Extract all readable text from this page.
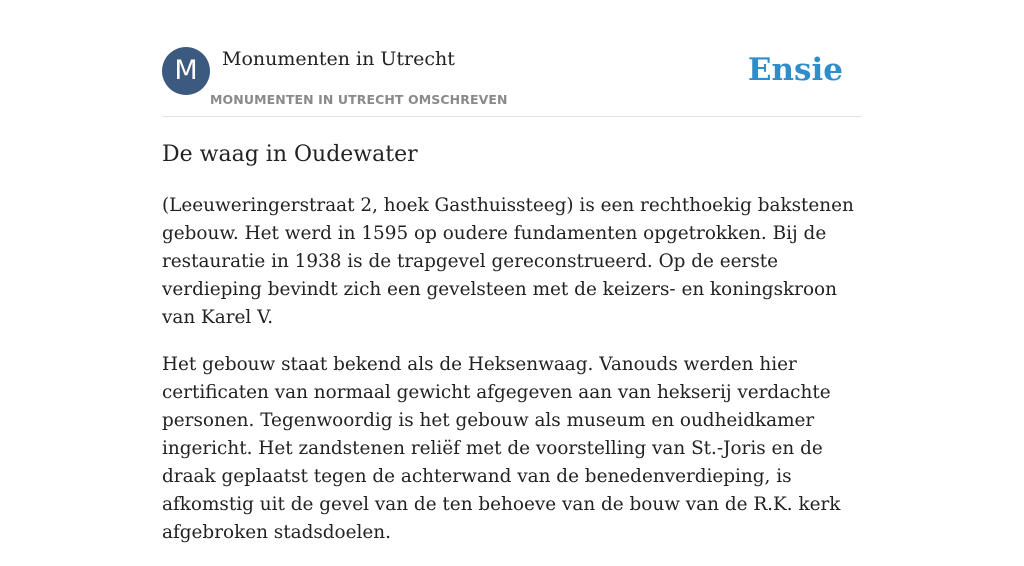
M	Monumenten in Utrecht
MONUMENTEN IN UTRECHT OMSCHREVEN
Ensie
De waag in Oudewater

(Leeuweringerstraat 2, hoek Gasthuissteeg) is een rechthoekig bakstenen gebouw. Het werd in 1595 op oudere fundamenten opgetrokken. Bij de restauratie in 1938 is de trapgevel gereconstrueerd. Op de eerste verdieping bevindt zich een gevelsteen met de keizers- en koningskroon van Karel V.

Het gebouw staat bekend als de Heksenwaag. Vanouds werden hier certificaten van normaal gewicht afgegeven aan van hekserij verdachte personen. Tegenwoordig is het gebouw als museum en oudheidkamer ingericht. Het zandstenen reliëf met de voorstelling van St.-Joris en de draak geplaatst tegen de achterwand van de benedenverdieping, is afkomstig uit de gevel van de ten behoeve van de bouw van de R.K. kerk afgebroken stadsdoelen.
